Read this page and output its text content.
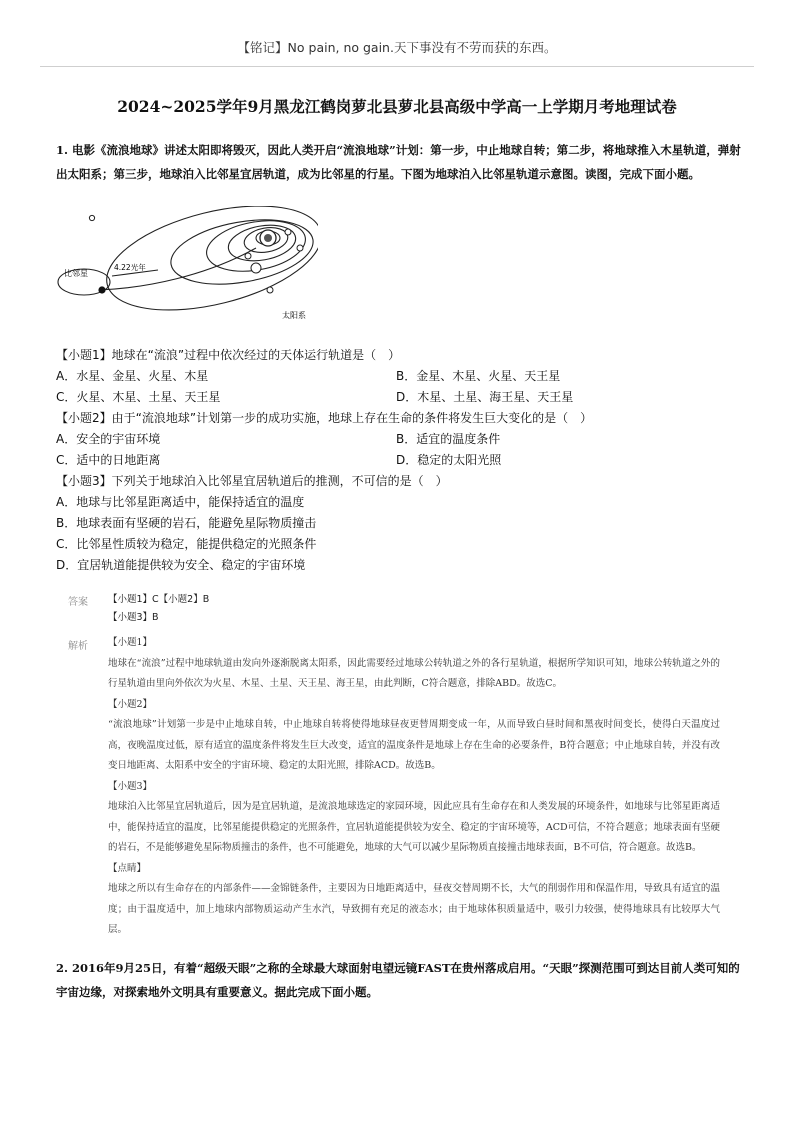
【铭记】No pain, no gain.天下事没有不劳而获的东西。
2024~2025学年9月黑龙江鹤岗萝北县萝北县高级中学高一上学期月考地理试卷
1. 电影《流浪地球》讲述太阳即将毁灭，因此人类开启“流浪地球”计划：第一步，中止地球自转；第二步，将地球推入木星轨道，弹射出太阳系；第三步，地球泊入比邻星宜居轨道，成为比邻星的行星。下图为地球泊入比邻星轨道示意图。读图，完成下面小题。
比邻星
4.22光年
太阳系
【小题1】地球在“流浪”过程中依次经过的天体运行轨道是（　）
A．水星、金星、火星、木星	B．金星、木星、火星、天王星
C．火星、木星、土星、天王星	D．木星、土星、海王星、天王星
【小题2】由于“流浪地球”计划第一步的成功实施，地球上存在生命的条件将发生巨大变化的是（　）
A．安全的宇宙环境	B．适宜的温度条件
C．适中的日地距离	D．稳定的太阳光照
【小题3】下列关于地球泊入比邻星宜居轨道后的推测，不可信的是（　）
A．地球与比邻星距离适中，能保持适宜的温度
B．地球表面有坚硬的岩石，能避免星际物质撞击
C．比邻星性质较为稳定，能提供稳定的光照条件
D．宜居轨道能提供较为安全、稳定的宇宙环境
答案 【小题1】C【小题2】B
【小题3】B
解析 【小题1】

地球在“流浪”过程中地球轨道由发向外逐渐脱离太阳系，因此需要经过地球公转轨道之外的各行星轨道，根据所学知识可知，地球公转轨道之外的行星轨道由里向外依次为火星、木星、土星、天王星、海王星，由此判断，C符合题意，排除ABD。故选C。

【小题2】

“流浪地球”计划第一步是中止地球自转，中止地球自转将使得地球昼夜更替周期变成一年，从而导致白昼时间和黑夜时间变长，使得白天温度过高，夜晚温度过低，原有适宜的温度条件将发生巨大改变，适宜的温度条件是地球上存在生命的必要条件，B符合题意；中止地球自转，并没有改变日地距离、太阳系中安全的宇宙环境、稳定的太阳光照，排除ACD。故选B。

【小题3】

地球泊入比邻星宜居轨道后，因为是宜居轨道，是流浪地球选定的家园环境，因此应具有生命存在和人类发展的环境条件，如地球与比邻星距离适中，能保持适宜的温度，比邻星能提供稳定的光照条件，宜居轨道能提供较为安全、稳定的宇宙环境等，ACD可信，不符合题意；地球表面有坚硬的岩石，不是能够避免星际物质撞击的条件，也不可能避免，地球的大气可以减少星际物质直接撞击地球表面，B不可信，符合题意。故选B。

【点睛】

地球之所以有生命存在的内部条件——金锦链条件，主要因为日地距离适中，昼夜交替周期不长，大气的削弱作用和保温作用，导致具有适宜的温度；由于温度适中，加上地球内部物质运动产生水汽，导致拥有充足的液态水；由于地球体积质量适中，吸引力较强，使得地球具有比较厚大气层。

2. 2016年9月25日，有着“超级天眼”之称的全球最大球面射电望远镜FAST在贵州落成启用。“天眼”探测范围可到达目前人类可知的宇宙边缘，对探索地外文明具有重要意义。据此完成下面小题。
